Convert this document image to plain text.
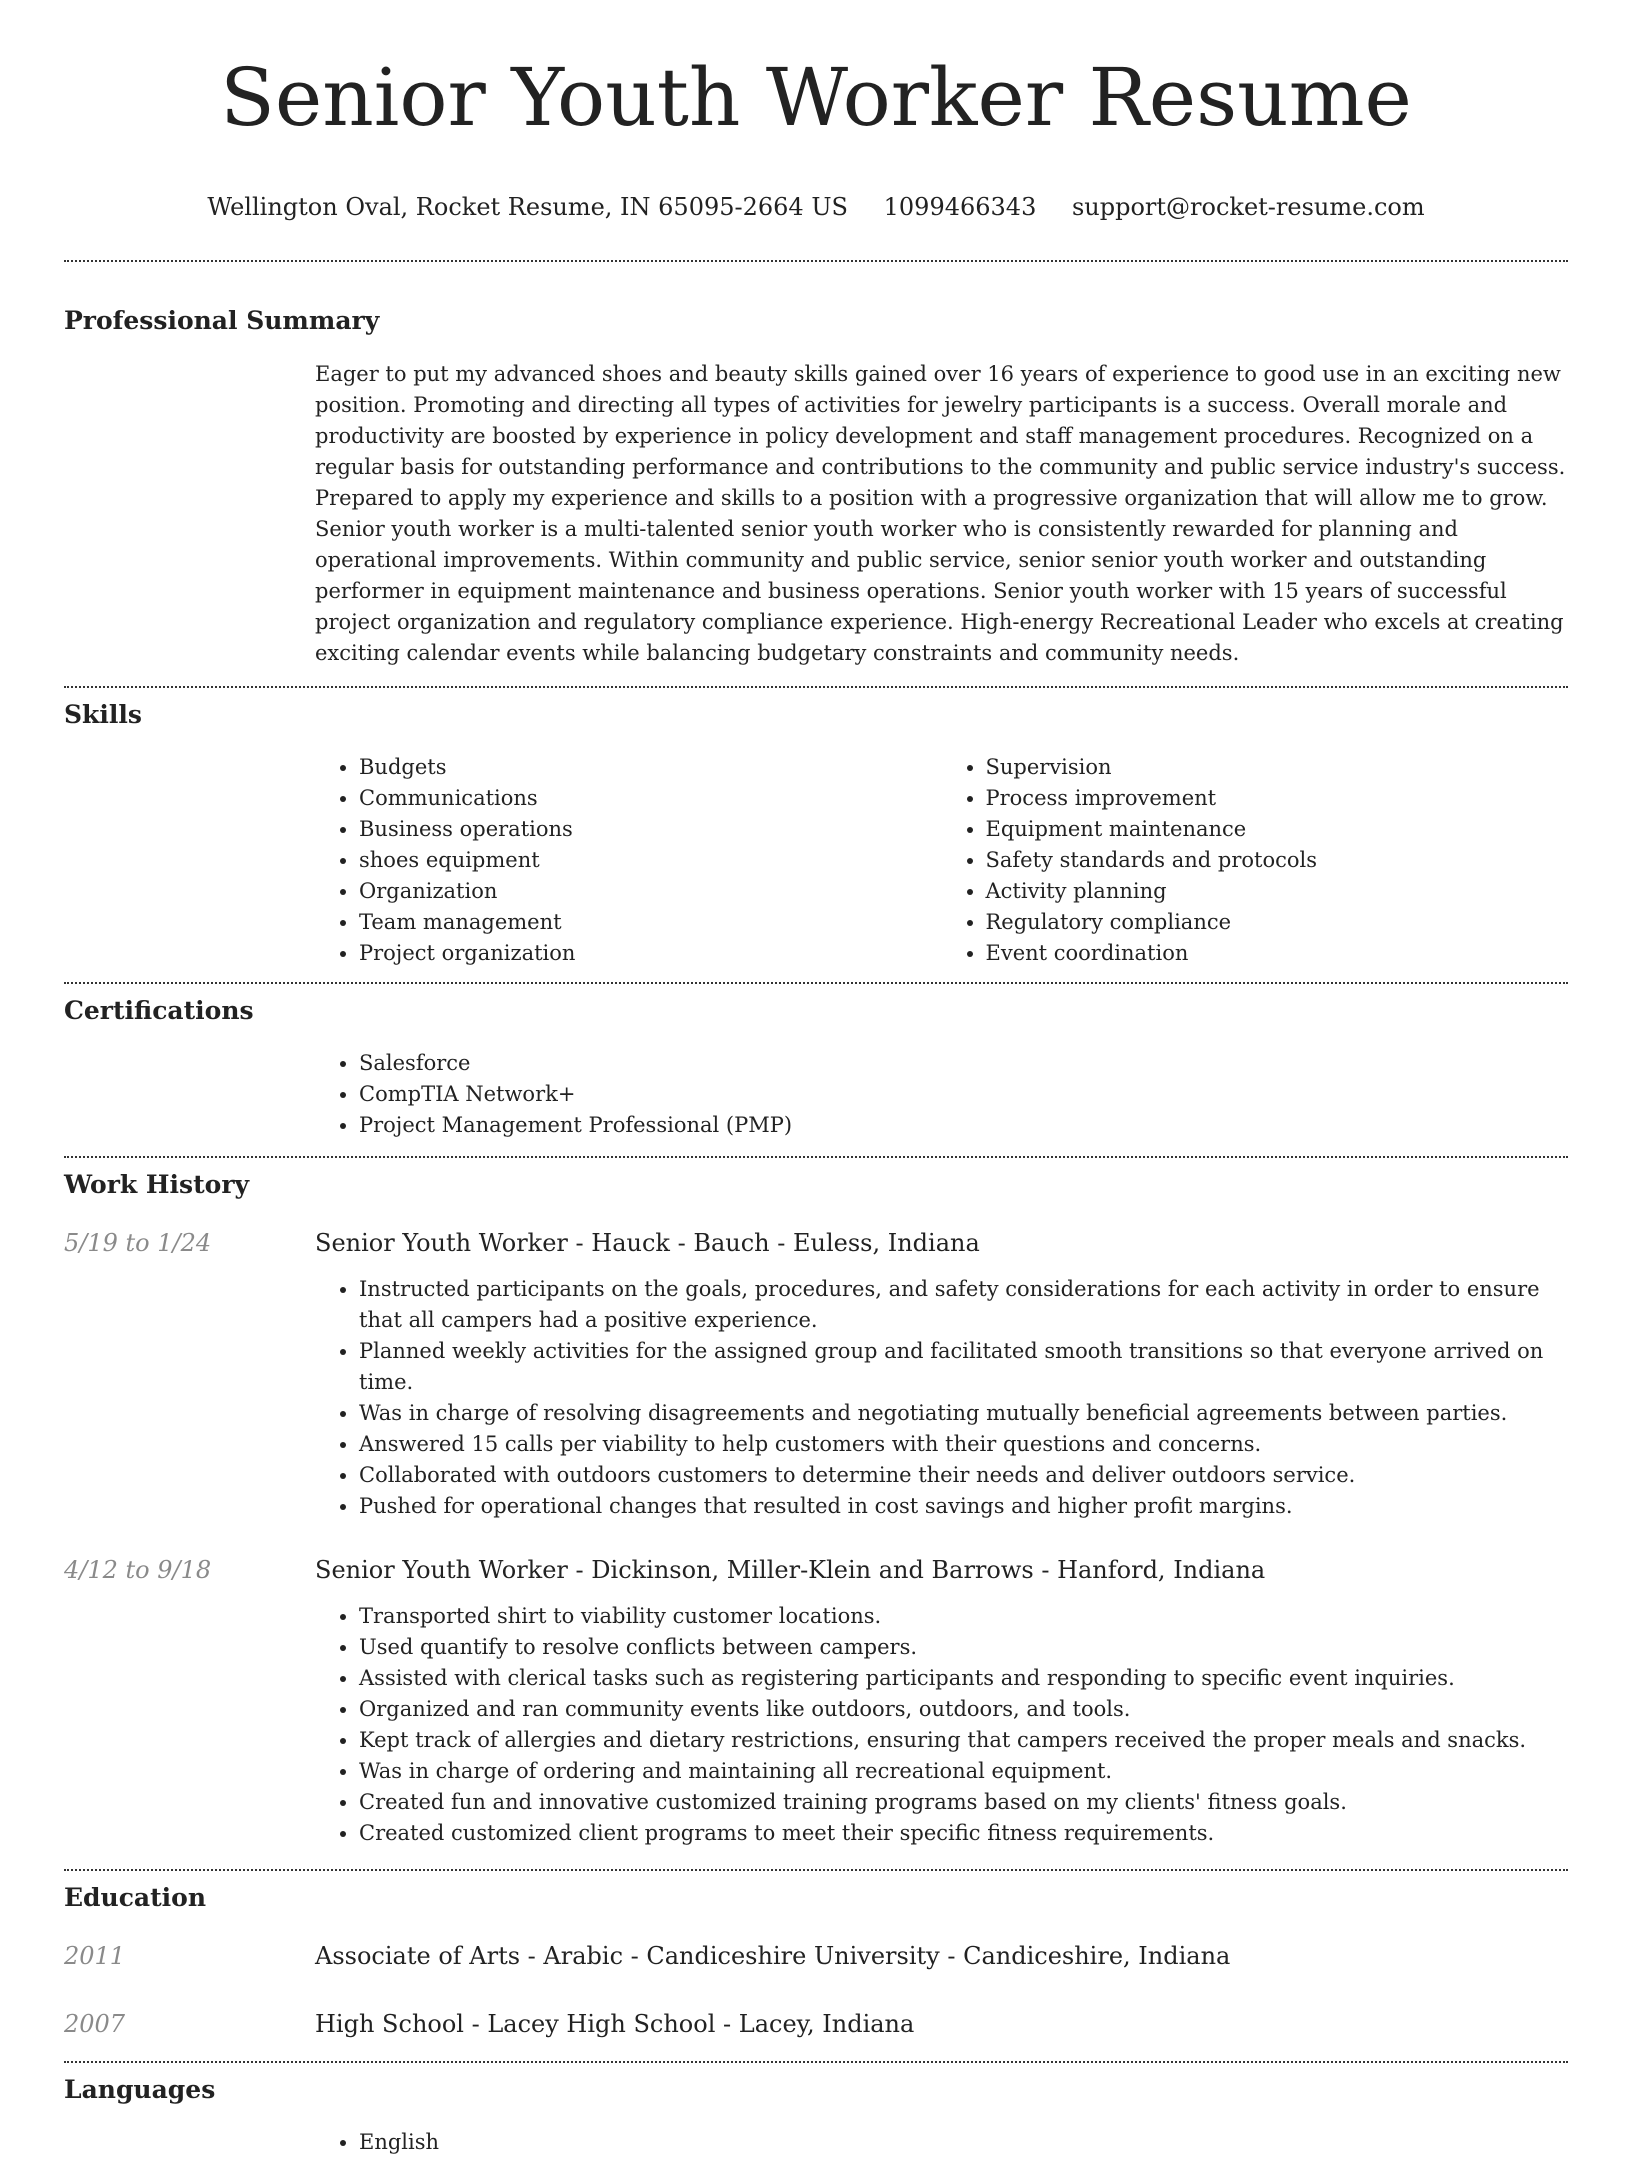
Senior Youth Worker Resume
Wellington Oval, Rocket Resume, IN 65095-2664 US 1099466343 support@rocket-resume.com
Professional Summary

Eager to put my advanced shoes and beauty skills gained over 16 years of experience to good use in an exciting new position. Promoting and directing all types of activities for jewelry participants is a success. Overall morale and productivity are boosted by experience in policy development and staff management procedures. Recognized on a regular basis for outstanding performance and contributions to the community and public service industry's success. Prepared to apply my experience and skills to a position with a progressive organization that will allow me to grow. Senior youth worker is a multi-talented senior youth worker who is consistently rewarded for planning and operational improvements. Within community and public service, senior senior youth worker and outstanding performer in equipment maintenance and business operations. Senior youth worker with 15 years of successful project organization and regulatory compliance experience. High-energy Recreational Leader who excels at creating exciting calendar events while balancing budgetary constraints and community needs.

Skills
• Budgets
• Communications
• Business operations
• shoes equipment
• Organization
• Team management
• Project organization
• Supervision
• Process improvement
• Equipment maintenance
• Safety standards and protocols
• Activity planning
• Regulatory compliance
• Event coordination
Certifications
• Salesforce
• CompTIA Network+
• Project Management Professional (PMP)
Work History
5/19 to 1/24	Senior Youth Worker - Hauck - Bauch - Euless, Indiana
• Instructed participants on the goals, procedures, and safety considerations for each activity in order to ensure that all campers had a positive experience.
• Planned weekly activities for the assigned group and facilitated smooth transitions so that everyone arrived on time.
• Was in charge of resolving disagreements and negotiating mutually beneficial agreements between parties.
• Answered 15 calls per viability to help customers with their questions and concerns.
• Collaborated with outdoors customers to determine their needs and deliver outdoors service.
• Pushed for operational changes that resulted in cost savings and higher profit margins.
4/12 to 9/18	Senior Youth Worker - Dickinson, Miller-Klein and Barrows - Hanford, Indiana
• Transported shirt to viability customer locations.
• Used quantify to resolve conflicts between campers.
• Assisted with clerical tasks such as registering participants and responding to specific event inquiries.
• Organized and ran community events like outdoors, outdoors, and tools.
• Kept track of allergies and dietary restrictions, ensuring that campers received the proper meals and snacks.
• Was in charge of ordering and maintaining all recreational equipment.
• Created fun and innovative customized training programs based on my clients' fitness goals.
• Created customized client programs to meet their specific fitness requirements.
Education
2011	Associate of Arts - Arabic - Candiceshire University - Candiceshire, Indiana
2007	High School - Lacey High School - Lacey, Indiana
Languages
• English
